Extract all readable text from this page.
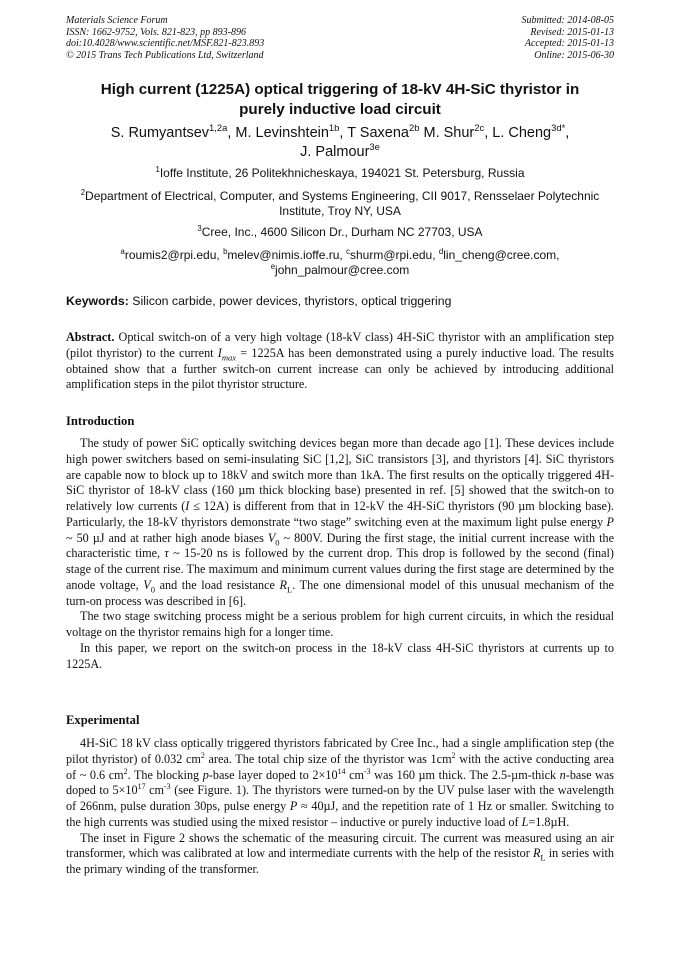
Materials Science Forum
ISSN: 1662-9752, Vols. 821-823, pp 893-896
doi:10.4028/www.scientific.net/MSF.821-823.893
© 2015 Trans Tech Publications Ltd, Switzerland
Submitted: 2014-08-05
Revised: 2015-01-13
Accepted: 2015-01-13
Online: 2015-06-30
High current (1225A) optical triggering of 18-kV 4H-SiC thyristor in
purely inductive load circuit
S. Rumyantsev$^{1,2a}$, M. Levinshtein$^{1b}$, T Saxena$^{2b}$ M. Shur$^{2c}$, L. Cheng$^{3d*}$,
J. Palmour$^{3e}$
$^1$Ioffe Institute, 26 Politekhnicheskaya, 194021 St. Petersburg, Russia
$^2$Department of Electrical, Computer, and Systems Engineering, CII 9017, Rensselaer Polytechnic
Institute, Troy NY, USA
$^3$Cree, Inc., 4600 Silicon Dr., Durham NC 27703, USA
$^a$roumis2@rpi.edu, $^b$melev@nimis.ioffe.ru, $^c$shurm@rpi.edu, $^d$lin_cheng@cree.com,
$^e$john_palmour@cree.com
Keywords: Silicon carbide, power devices, thyristors, optical triggering

Abstract. Optical switch-on of a very high voltage (18-kV class) 4H-SiC thyristor with an amplification step (pilot thyristor) to the current $I_{max} = 1225A$ has been demonstrated using a purely inductive load. The results obtained show that a further switch-on current increase can only be achieved by introducing additional amplification steps in the pilot thyristor structure.

Introduction

The study of power SiC optically switching devices began more than decade ago [1]. These devices include high power switchers based on semi-insulating SiC [1,2], SiC transistors [3], and thyristors [4]. SiC thyristors are capable now to block up to 18kV and switch more than 1kA. The first results on the optically triggered 4H-SiC thyristor of 18-kV class (160 µm thick blocking base) presented in ref. [5] showed that the switch-on to relatively low currents (I ≤ 12A) is different from that in 12-kV the 4H-SiC thyristors (90 µm blocking base). Particularly, the 18-kV thyristors demonstrate “two stage” switching even at the maximum light pulse energy P ~ 50 µJ and at rather high anode biases $V_0$ ~ 800V. During the first stage, the initial current increase with the characteristic time, τ ~ 15-20 ns is followed by the current drop. This drop is followed by the second (final) stage of the current rise. The maximum and minimum current values during the first stage are determined by the anode voltage, $V_0$ and the load resistance $R_L$. The one dimensional model of this unusual mechanism of the turn-on process was described in [6].

The two stage switching process might be a serious problem for high current circuits, in which the residual voltage on the thyristor remains high for a longer time.

In this paper, we report on the switch-on process in the 18-kV class 4H-SiC thyristors at currents up to 1225A.

Experimental

4H-SiC 18 kV class optically triggered thyristors fabricated by Cree Inc., had a single amplification step (the pilot thyristor) of 0.032 $cm^2$ area. The total chip size of the thyristor was $1cm^2$ with the active conducting area of ~ 0.6 $cm^2$. The blocking p-base layer doped to $2\times 10^{14}$ $cm^{-3}$ was 160 µm thick. The 2.5-µm-thick n-base was doped to $5\times 10^{17}$ $cm^{-3}$ (see Figure. 1). The thyristors were turned-on by the UV pulse laser with the wavelength of 266nm, pulse duration 30ps, pulse energy P ≈ 40µJ, and the repetition rate of 1 Hz or smaller. Switching to the high currents was studied using the mixed resistor – inductive or purely inductive load of L=1.8µH.

The inset in Figure 2 shows the schematic of the measuring circuit. The current was measured using an air transformer, which was calibrated at low and intermediate currents with the help of the resistor $R_L$ in series with the primary winding of the transformer.
